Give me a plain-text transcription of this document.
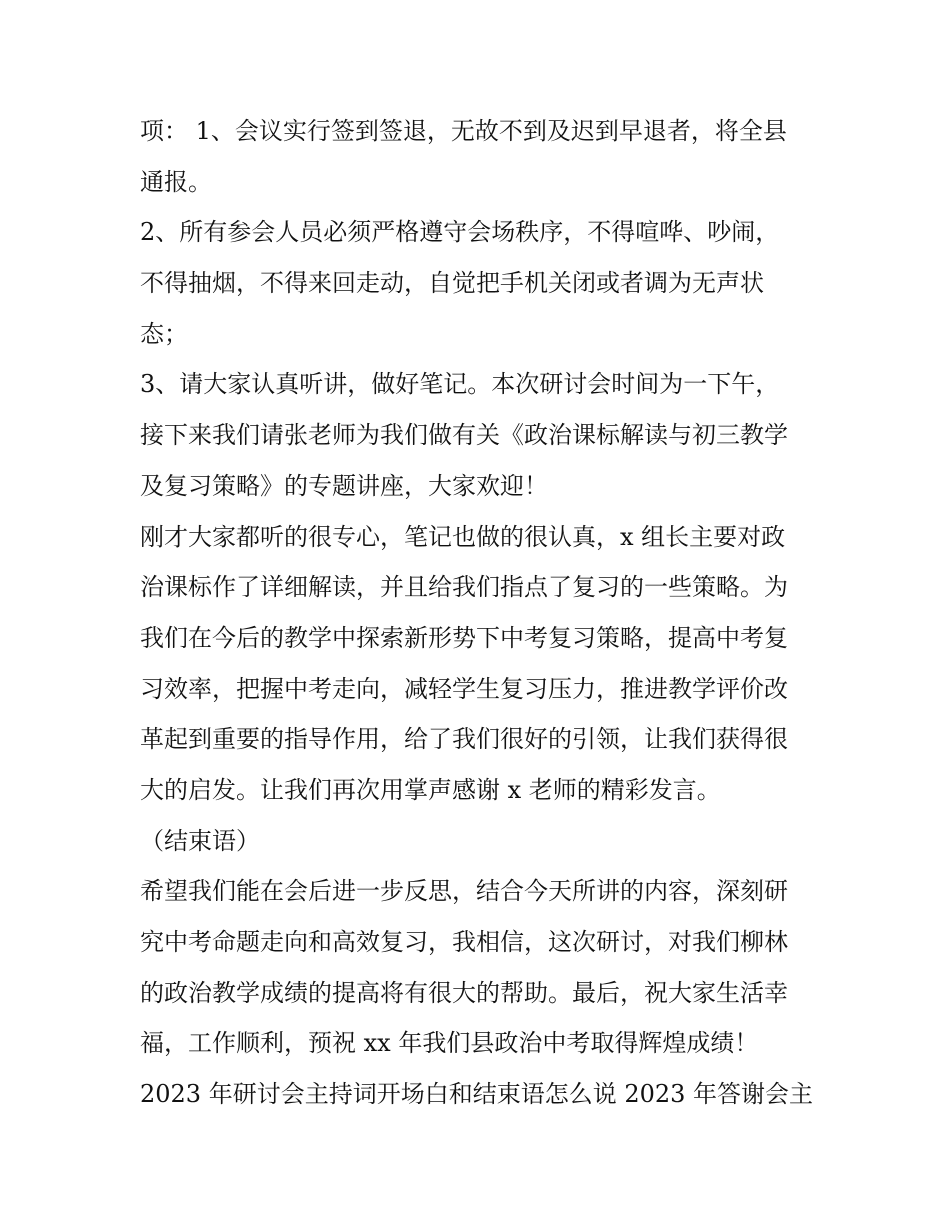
项： 1、会议实行签到签退，无故不到及迟到早退者，将全县
通报。

2、所有参会人员必须严格遵守会场秩序，不得喧哗、吵闹，
不得抽烟，不得来回走动，自觉把手机关闭或者调为无声状
态；

3、请大家认真听讲，做好笔记。本次研讨会时间为一下午，
接下来我们请张老师为我们做有关《政治课标解读与初三教学
及复习策略》的专题讲座，大家欢迎！

刚才大家都听的很专心，笔记也做的很认真，x 组长主要对政
治课标作了详细解读，并且给我们指点了复习的一些策略。为
我们在今后的教学中探索新形势下中考复习策略，提高中考复
习效率，把握中考走向，减轻学生复习压力，推进教学评价改
革起到重要的指导作用，给了我们很好的引领，让我们获得很
大的启发。让我们再次用掌声感谢 x 老师的精彩发言。

（结束语）

希望我们能在会后进一步反思，结合今天所讲的内容，深刻研
究中考命题走向和高效复习，我相信，这次研讨，对我们柳林
的政治教学成绩的提高将有很大的帮助。最后，祝大家生活幸
福，工作顺利，预祝 xx 年我们县政治中考取得辉煌成绩！

2023 年研讨会主持词开场白和结束语怎么说 2023 年答谢会主
